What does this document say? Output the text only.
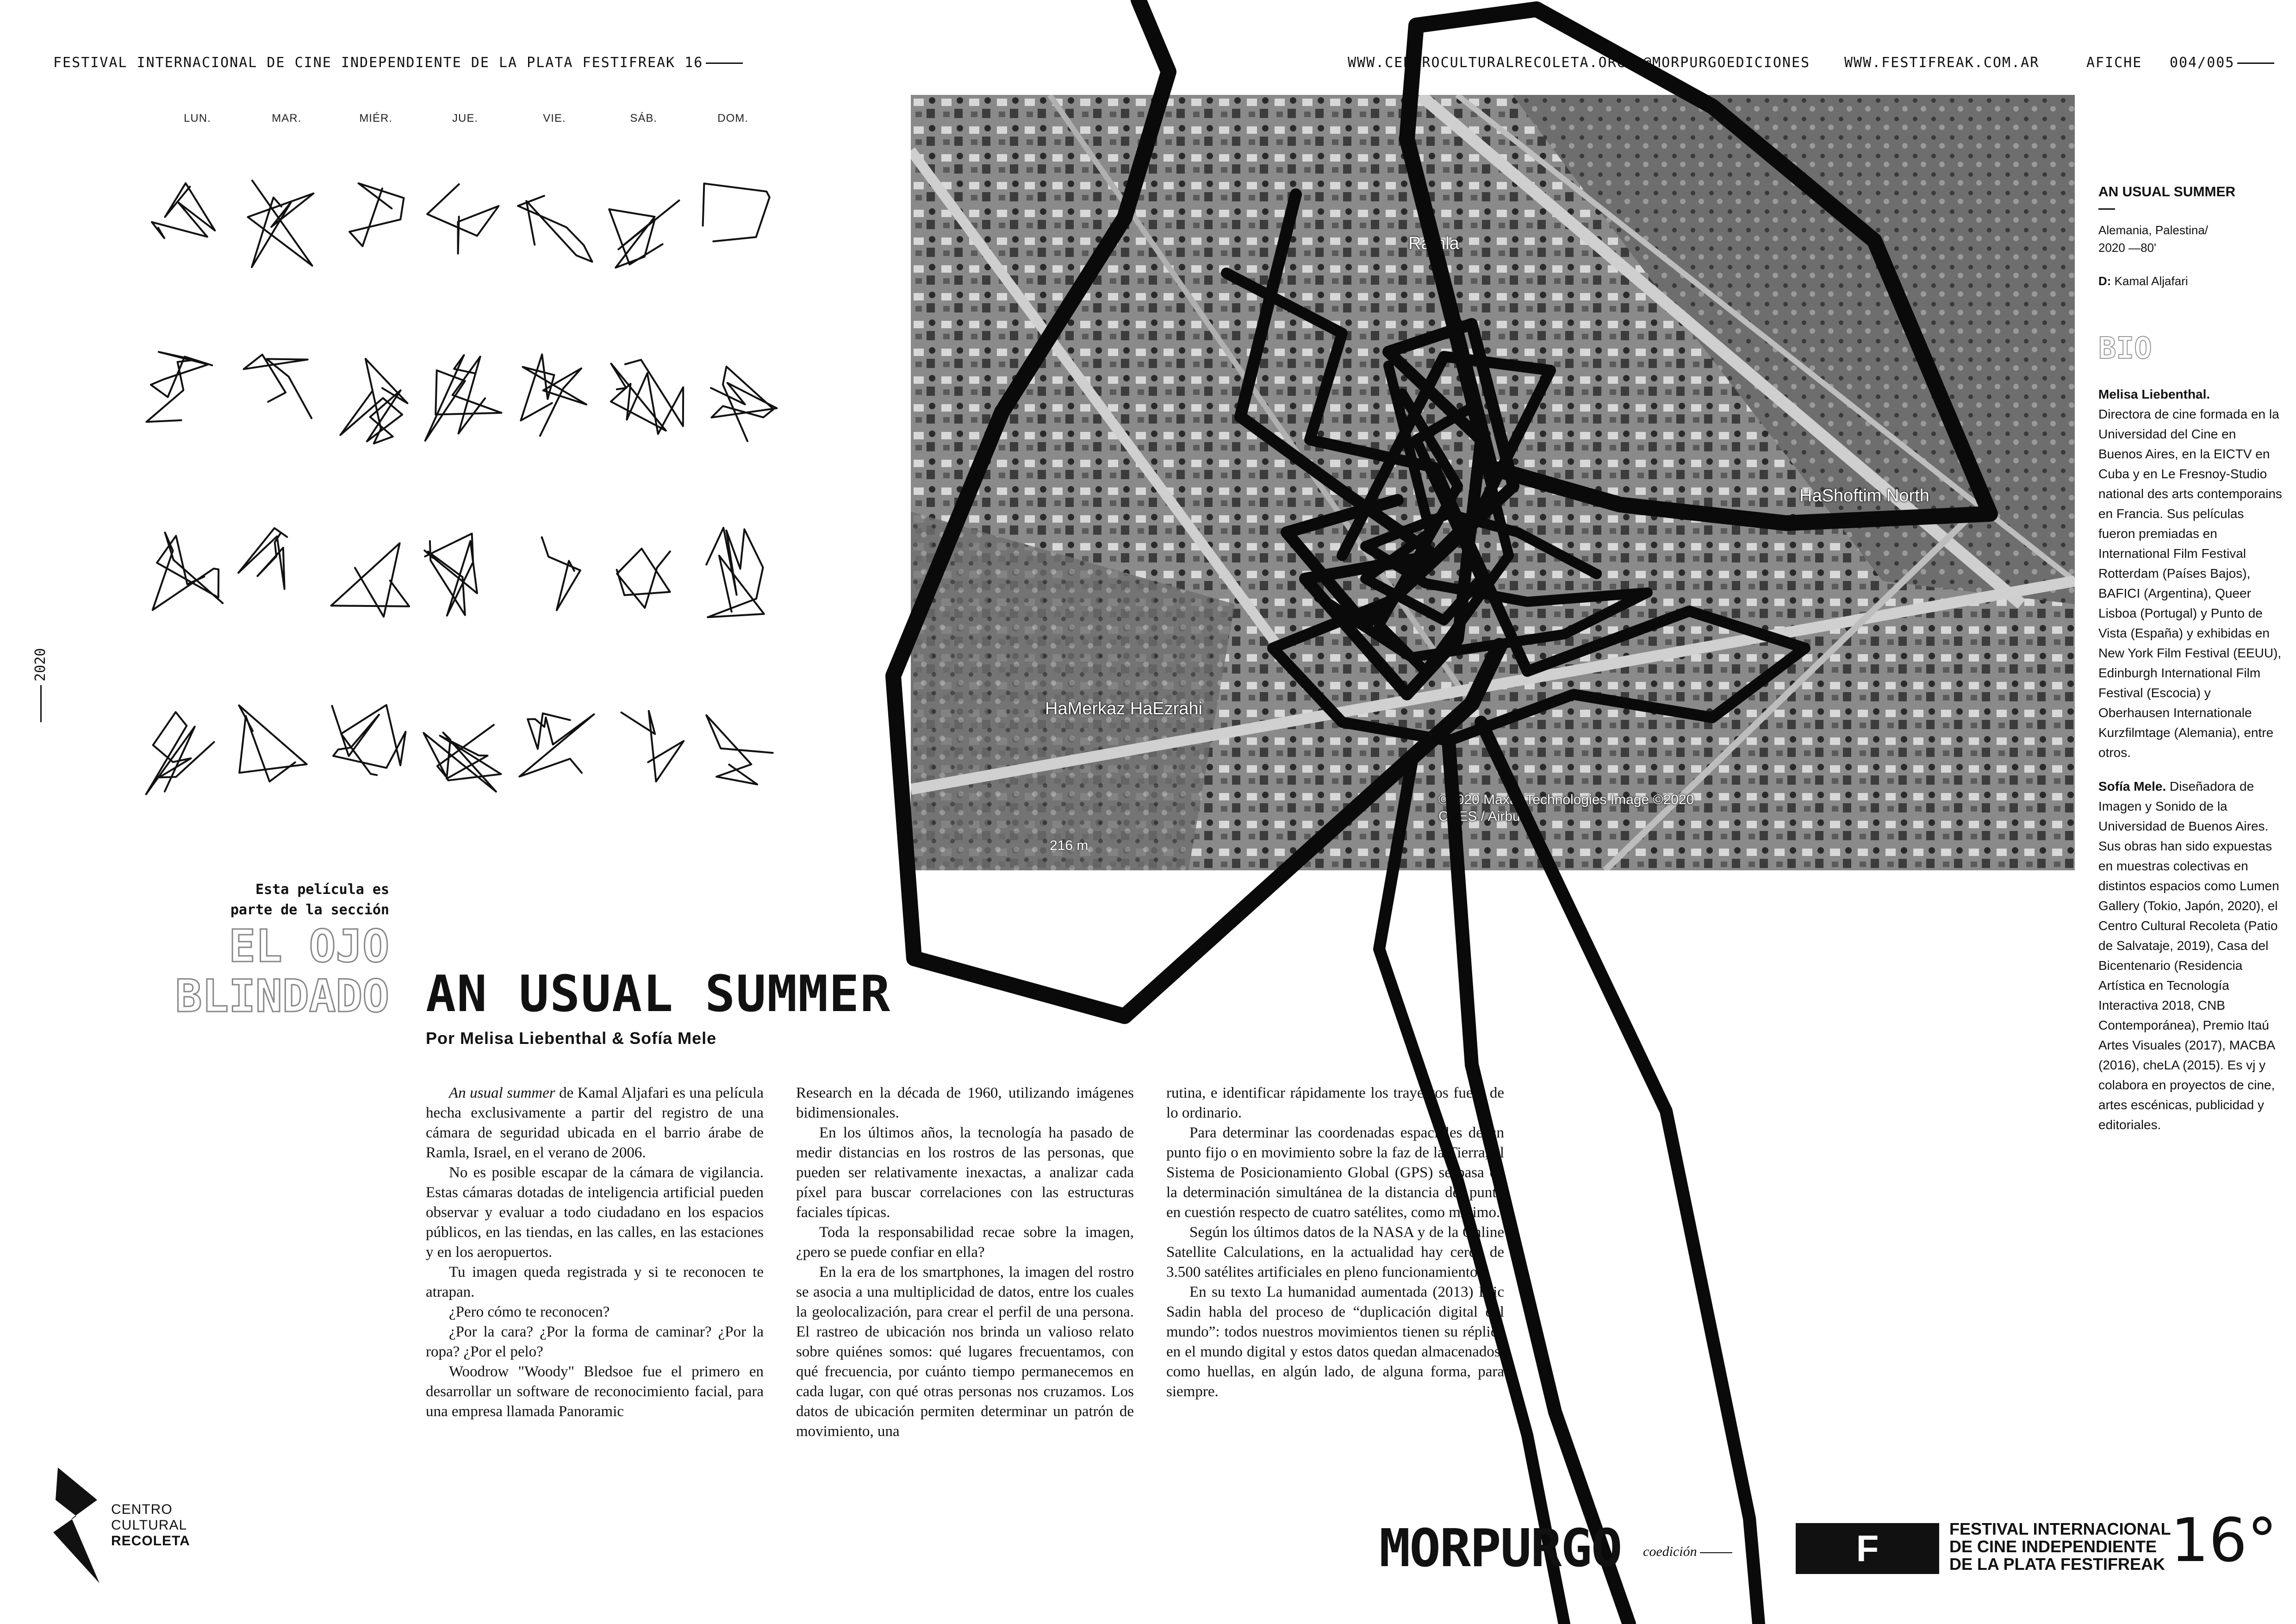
FESTIVAL INTERNACIONAL DE CINE INDEPENDIENTE DE LA PLATA FESTIFREAK 16	WWW.CENTROCULTURALRECOLETA.ORG @MORPURGOEDICIONES WWW.FESTIFREAK.COM.AR	AFICHE 004/005
LUN.	MAR.	MIÉR.	JUE.	VIE.	SÁB.	DOM.
2020
Esta película es
parte de la sección
EL OJO
BLINDADO AN USUAL SUMMER
Por Melisa Liebenthal & Sofía Mele

An usual summer de Kamal Aljafari es una película hecha exclusivamente a partir del registro de una cámara de seguridad ubicada en el barrio árabe de Ramla, Israel, en el verano de 2006.

No es posible escapar de la cámara de vigilancia. Estas cámaras dotadas de inteligencia artificial pueden observar y evaluar a todo ciudadano en los espacios públicos, en las tiendas, en las calles, en las estaciones y en los aeropuertos.

Tu imagen queda registrada y si te reconocen te atrapan.

¿Pero cómo te reconocen?

¿Por la cara? ¿Por la forma de caminar? ¿Por la ropa? ¿Por el pelo?

Woodrow "Woody" Bledsoe fue el primero en desarrollar un software de reconocimiento facial, para una empresa llamada Panoramic

Research en la década de 1960, utilizando imágenes bidimensionales.

En los últimos años, la tecnología ha pasado de medir distancias en los rostros de las personas, que pueden ser relativamente inexactas, a analizar cada píxel para buscar correlaciones con las estructuras faciales típicas.

Toda la responsabilidad recae sobre la imagen, ¿pero se puede confiar en ella?

En la era de los smartphones, la imagen del rostro se asocia a una multiplicidad de datos, entre los cuales la geolocalización, para crear el perfil de una persona. El rastreo de ubicación nos brinda un valioso relato sobre quiénes somos: qué lugares frecuentamos, con qué frecuencia, por cuánto tiempo permanecemos en cada lugar, con qué otras personas nos cruzamos. Los datos de ubicación permiten determinar un patrón de movimiento, una

rutina, e identificar rápidamente los trayectos fuera de lo ordinario.

Para determinar las coordenadas espaciales de un punto fijo o en movimiento sobre la faz de la Tierra, el Sistema de Posicionamiento Global (GPS) se basa en la determinación simultánea de la distancia del punto en cuestión respecto de cuatro satélites, como mínimo.

Según los últimos datos de la NASA y de la Online Satellite Calculations, en la actualidad hay cerca de 3.500 satélites artificiales en pleno funcionamiento.

En su texto La humanidad aumentada (2013) Eric Sadin habla del proceso de “duplicación digital del mundo”: todos nuestros movimientos tienen su réplica en el mundo digital y estos datos quedan almacenados, como huellas, en algún lado, de alguna forma, para siempre.

Ramla
HaShoftim North
HaMerkaz HaEzrahi
©2020 Maxar Technologies Image ©2020 CNES / Airbus
216 m
AN USUAL SUMMER
Alemania, Palestina/
2020 —80'
D: Kamal Aljafari
BIO

Melisa Liebenthal.
Directora de cine formada en la Universidad del Cine en Buenos Aires, en la EICTV en Cuba y en Le Fresnoy-Studio national des arts contemporains en Francia. Sus películas fueron premiadas en International Film Festival Rotterdam (Países Bajos), BAFICI (Argentina), Queer Lisboa (Portugal) y Punto de Vista (España) y exhibidas en New York Film Festival (EEUU), Edinburgh International Film Festival (Escocia) y Oberhausen Internationale Kurzfilmtage (Alemania), entre otros.

Sofía Mele. Diseñadora de Imagen y Sonido de la Universidad de Buenos Aires. Sus obras han sido expuestas en muestras colectivas en distintos espacios como Lumen Gallery (Tokio, Japón, 2020), el Centro Cultural Recoleta (Patio de Salvataje, 2019), Casa del Bicentenario (Residencia Artística en Tecnología Interactiva 2018, CNB Contemporánea), Premio Itaú Artes Visuales (2017), MACBA (2016), cheLA (2015). Es vj y colabora en proyectos de cine, artes escénicas, publicidad y editoriales.

CENTRO
CULTURAL
RECOLETA	MORPURGO coedición	F	FESTIVAL INTERNACIONAL
DE CINE INDEPENDIENTE
DE LA PLATA FESTIFREAK 16°
